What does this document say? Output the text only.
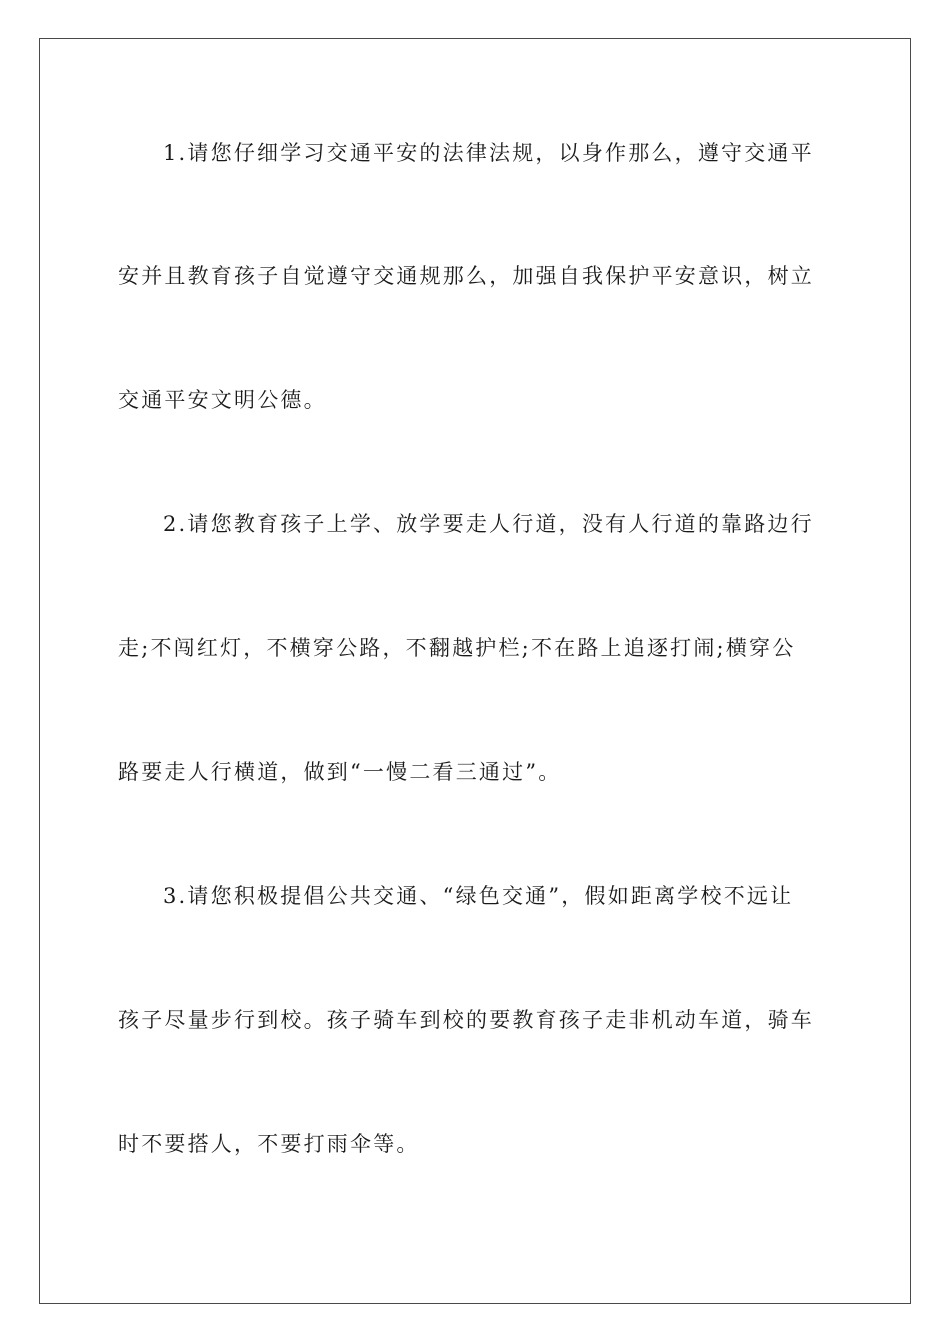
1.请您仔细学习交通平安的法律法规，以身作那么，遵守交通平
安并且教育孩子自觉遵守交通规那么，加强自我保护平安意识，树立
交通平安文明公德。
2.请您教育孩子上学、放学要走人行道，没有人行道的靠路边行
走;不闯红灯，不横穿公路，不翻越护栏;不在路上追逐打闹;横穿公
路要走人行横道，做到“一慢二看三通过”。
3.请您积极提倡公共交通、“绿色交通”，假如距离学校不远让
孩子尽量步行到校。孩子骑车到校的要教育孩子走非机动车道，骑车
时不要搭人，不要打雨伞等。
